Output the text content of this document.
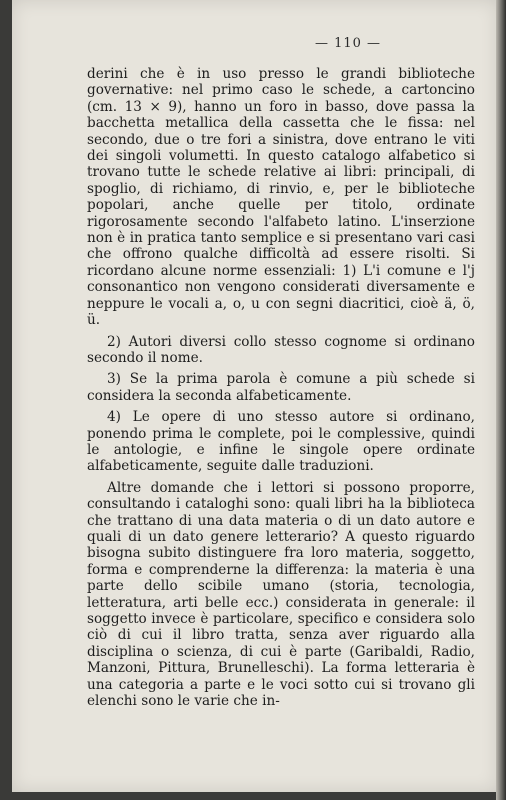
— 110 —

derini che è in uso presso le grandi biblioteche governative: nel primo caso le schede, a cartoncino (cm. 13 × 9), hanno un foro in basso, dove passa la bacchetta metallica della cassetta che le fissa: nel secondo, due o tre fori a sinistra, dove entrano le viti dei singoli volumetti. In questo catalogo alfabetico si trovano tutte le schede relative ai libri: principali, di spoglio, di richiamo, di rinvio, e, per le biblioteche popolari, anche quelle per titolo, ordinate rigorosamente secondo l'alfabeto latino. L'inserzione non è in pratica tanto semplice e si presentano vari casi che offrono qualche difficoltà ad essere risolti. Si ricordano alcune norme essenziali: 1) L'i comune e l'j consonantico non vengono considerati diversamente e neppure le vocali a, o, u con segni diacritici, cioè ä, ö, ü.

2) Autori diversi collo stesso cognome si ordinano secondo il nome.

3) Se la prima parola è comune a più schede si considera la seconda alfabeticamente.

4) Le opere di uno stesso autore si ordinano, ponendo prima le complete, poi le complessive, quindi le antologie, e infine le singole opere ordinate alfabeticamente, seguite dalle traduzioni.

Altre domande che i lettori si possono proporre, consultando i cataloghi sono: quali libri ha la biblioteca che trattano di una data materia o di un dato autore e quali di un dato genere letterario? A questo riguardo bisogna subito distinguere fra loro materia, soggetto, forma e comprenderne la differenza: la materia è una parte dello scibile umano (storia, tecnologia, letteratura, arti belle ecc.) considerata in generale: il soggetto invece è particolare, specifico e considera solo ciò di cui il libro tratta, senza aver riguardo alla disciplina o scienza, di cui è parte (Garibaldi, Radio, Manzoni, Pittura, Brunelleschi). La forma letteraria è una categoria a parte e le voci sotto cui si trovano gli elenchi sono le varie che in-
